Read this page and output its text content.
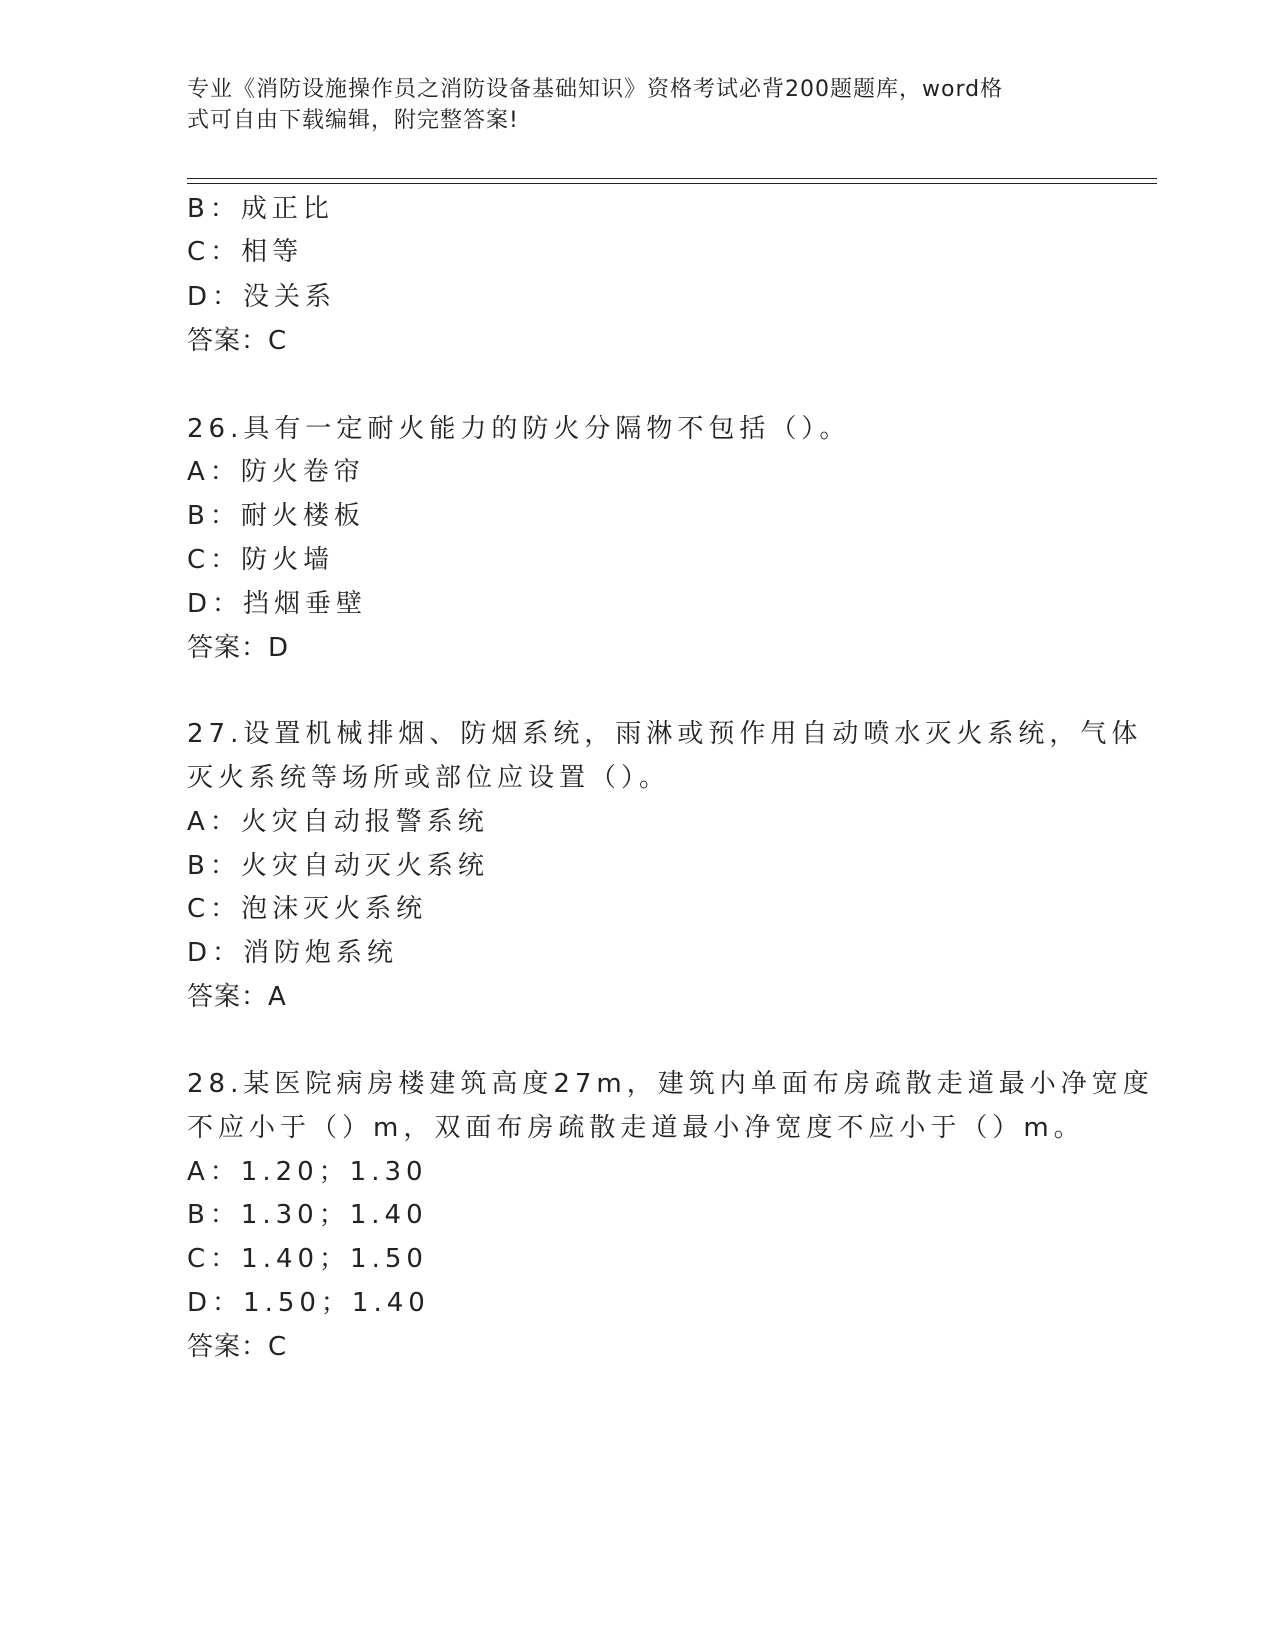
专业《消防设施操作员之消防设备基础知识》资格考试必背200题题库，word格
式可自由下载编辑，附完整答案!
B：成正比
C：相等
D：没关系
答案：C
26.具有一定耐火能力的防火分隔物不包括（）。
A：防火卷帘
B：耐火楼板
C：防火墙
D：挡烟垂壁
答案：D
27.设置机械排烟、防烟系统，雨淋或预作用自动喷水灭火系统，气体
灭火系统等场所或部位应设置（）。
A：火灾自动报警系统
B：火灾自动灭火系统
C：泡沫灭火系统
D：消防炮系统
答案：A
28.某医院病房楼建筑高度27m，建筑内单面布房疏散走道最小净宽度
不应小于（）m，双面布房疏散走道最小净宽度不应小于（）m。
A：1.20；1.30
B：1.30；1.40
C：1.40；1.50
D：1.50；1.40
答案：C
